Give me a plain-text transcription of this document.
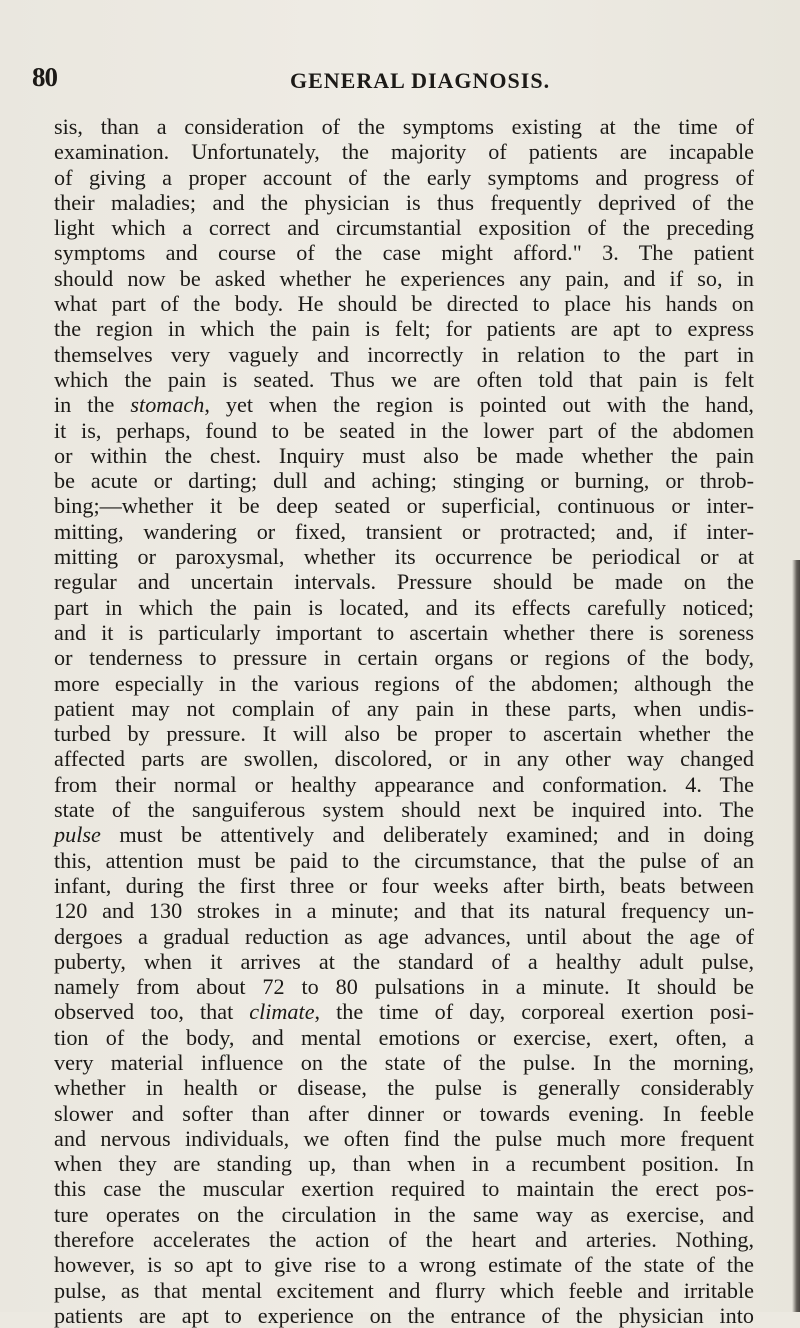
80	GENERAL DIAGNOSIS.
sis, than a consideration of the symptoms existing at the time of
examination. Unfortunately, the majority of patients are incapable
of giving a proper account of the early symptoms and progress of
their maladies; and the physician is thus frequently deprived of the
light which a correct and circumstantial exposition of the preceding
symptoms and course of the case might afford." 3. The patient
should now be asked whether he experiences any pain, and if so, in
what part of the body. He should be directed to place his hands on
the region in which the pain is felt; for patients are apt to express
themselves very vaguely and incorrectly in relation to the part in
which the pain is seated. Thus we are often told that pain is felt
in the stomach, yet when the region is pointed out with the hand,
it is, perhaps, found to be seated in the lower part of the abdomen
or within the chest. Inquiry must also be made whether the pain
be acute or darting; dull and aching; stinging or burning, or throb-
bing;—whether it be deep seated or superficial, continuous or inter-
mitting, wandering or fixed, transient or protracted; and, if inter-
mitting or paroxysmal, whether its occurrence be periodical or at
regular and uncertain intervals. Pressure should be made on the
part in which the pain is located, and its effects carefully noticed;
and it is particularly important to ascertain whether there is soreness
or tenderness to pressure in certain organs or regions of the body,
more especially in the various regions of the abdomen; although the
patient may not complain of any pain in these parts, when undis-
turbed by pressure. It will also be proper to ascertain whether the
affected parts are swollen, discolored, or in any other way changed
from their normal or healthy appearance and conformation. 4. The
state of the sanguiferous system should next be inquired into. The
pulse must be attentively and deliberately examined; and in doing
this, attention must be paid to the circumstance, that the pulse of an
infant, during the first three or four weeks after birth, beats between
120 and 130 strokes in a minute; and that its natural frequency un-
dergoes a gradual reduction as age advances, until about the age of
puberty, when it arrives at the standard of a healthy adult pulse,
namely from about 72 to 80 pulsations in a minute. It should be
observed too, that climate, the time of day, corporeal exertion posi-
tion of the body, and mental emotions or exercise, exert, often, a
very material influence on the state of the pulse. In the morning,
whether in health or disease, the pulse is generally considerably
slower and softer than after dinner or towards evening. In feeble
and nervous individuals, we often find the pulse much more frequent
when they are standing up, than when in a recumbent position. In
this case the muscular exertion required to maintain the erect pos-
ture operates on the circulation in the same way as exercise, and
therefore accelerates the action of the heart and arteries. Nothing,
however, is so apt to give rise to a wrong estimate of the state of the
pulse, as that mental excitement and flurry which feeble and irritable
patients are apt to experience on the entrance of the physician into
